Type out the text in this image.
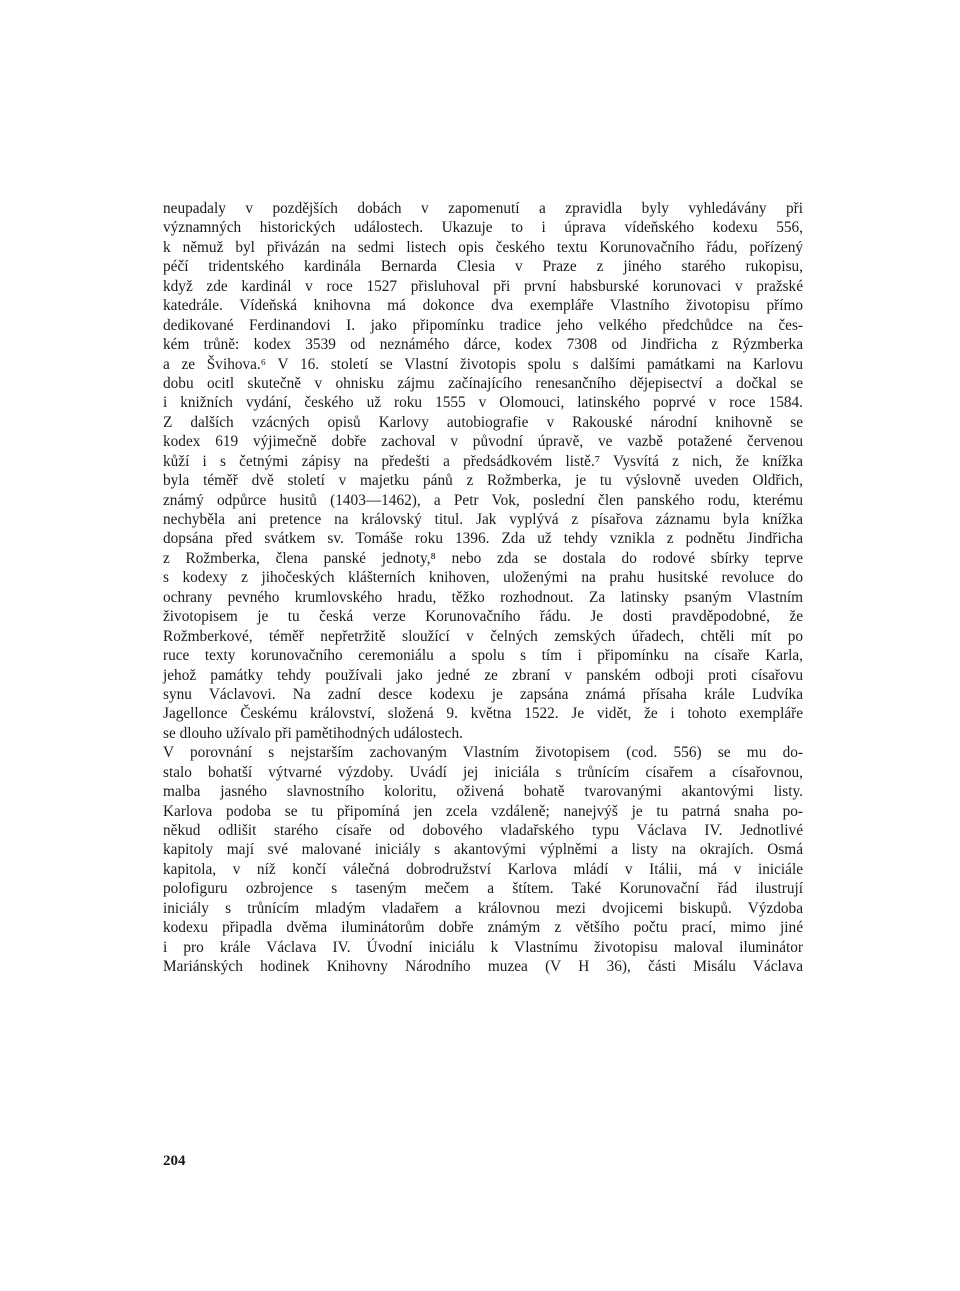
neupadaly v pozdějších dobách v zapomenutí a zpravidla byly vyhledávány při
významných historických událostech. Ukazuje to i úprava vídeňského kodexu 556,
k němuž byl přivázán na sedmi listech opis českého textu Korunovačního řádu, pořízený
péčí tridentského kardinála Bernarda Clesia v Praze z jiného starého rukopisu,
když zde kardinál v roce 1527 přisluhoval při první habsburské korunovaci v pražské
katedrále. Vídeňská knihovna má dokonce dva exempláře Vlastního životopisu přímo
dedikované Ferdinandovi I. jako připomínku tradice jeho velkého předchůdce na čes-
kém trůně: kodex 3539 od neznámého dárce, kodex 7308 od Jindřicha z Rýzmberka
a ze Švihova.⁶ V 16. století se Vlastní životopis spolu s dalšími památkami na Karlovu
dobu ocitl skutečně v ohnisku zájmu začínajícího renesančního dějepisectví a dočkal se
i knižních vydání, českého už roku 1555 v Olomouci, latinského poprvé v roce 1584.
Z dalších vzácných opisů Karlovy autobiografie v Rakouské národní knihovně se
kodex 619 výjimečně dobře zachoval v původní úpravě, ve vazbě potažené červenou
kůží i s četnými zápisy na předešti a předsádkovém listě.⁷ Vysvítá z nich, že knížka
byla téměř dvě století v majetku pánů z Rožmberka, je tu výslovně uveden Oldřich,
známý odpůrce husitů (1403—1462), a Petr Vok, poslední člen panského rodu, kterému
nechyběla ani pretence na královský titul. Jak vyplývá z písařova záznamu byla knížka
dopsána před svátkem sv. Tomáše roku 1396. Zda už tehdy vznikla z podnětu Jindřicha
z Rožmberka, člena panské jednoty,⁸ nebo zda se dostala do rodové sbírky teprve
s kodexy z jihočeských klášterních knihoven, uloženými na prahu husitské revoluce do
ochrany pevného krumlovského hradu, těžko rozhodnout. Za latinsky psaným Vlastním
životopisem je tu česká verze Korunovačního řádu. Je dosti pravděpodobné, že
Rožmberkové, téměř nepřetržitě sloužící v čelných zemských úřadech, chtěli mít po
ruce texty korunovačního ceremoniálu a spolu s tím i připomínku na císaře Karla,
jehož památky tehdy používali jako jedné ze zbraní v panském odboji proti císařovu
synu Václavovi. Na zadní desce kodexu je zapsána známá přísaha krále Ludvíka
Jagellonce Českému království, složená 9. května 1522. Je vidět, že i tohoto exempláře
se dlouho užívalo při pamětihodných událostech.
V porovnání s nejstarším zachovaným Vlastním životopisem (cod. 556) se mu do-
stalo bohatší výtvarné výzdoby. Uvádí jej iniciála s trůnícím císařem a císařovnou,
malba jasného slavnostního koloritu, oživená bohatě tvarovanými akantovými listy.
Karlova podoba se tu připomíná jen zcela vzdáleně; nanejvýš je tu patrná snaha po-
někud odlišit starého císaře od dobového vladařského typu Václava IV. Jednotlivé
kapitoly mají své malované iniciály s akantovými výplněmi a listy na okrajích. Osmá
kapitola, v níž končí válečná dobrodružství Karlova mládí v Itálii, má v iniciále
polofiguru ozbrojence s taseným mečem a štítem. Také Korunovační řád ilustrují
iniciály s trůnícím mladým vladařem a královnou mezi dvojicemi biskupů. Výzdoba
kodexu připadla dvěma iluminátorům dobře známým z většího počtu prací, mimo jiné
i pro krále Václava IV. Úvodní iniciálu k Vlastnímu životopisu maloval iluminátor
Mariánských hodinek Knihovny Národního muzea (V H 36), části Misálu Václava
204
